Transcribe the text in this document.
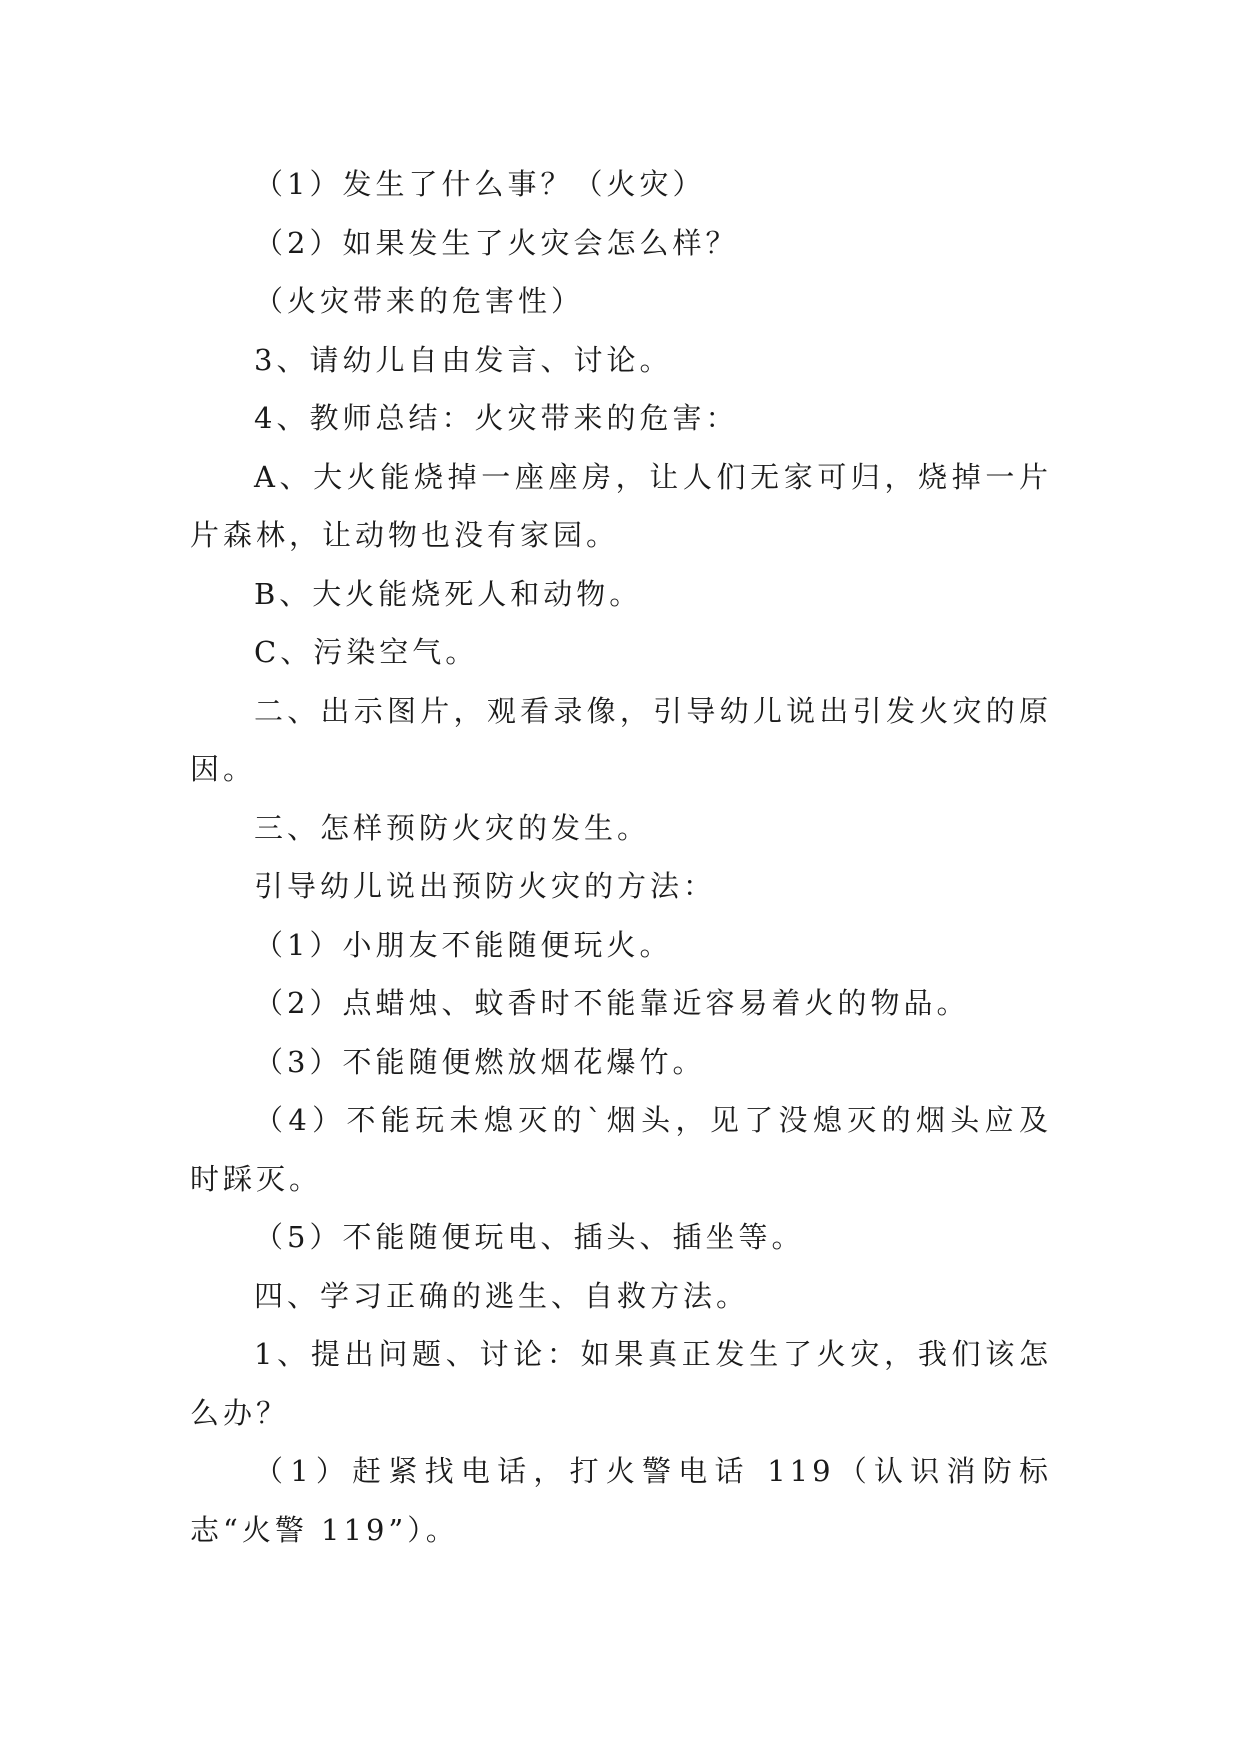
（1）发生了什么事？（火灾）

（2）如果发生了火灾会怎么样？

（火灾带来的危害性）

3、请幼儿自由发言、讨论。

4、教师总结：火灾带来的危害：

A、大火能烧掉一座座房，让人们无家可归，烧掉一片片森林，让动物也没有家园。

B、大火能烧死人和动物。

C、污染空气。

二、出示图片，观看录像，引导幼儿说出引发火灾的原因。

三、怎样预防火灾的发生。

引导幼儿说出预防火灾的方法：

（1）小朋友不能随便玩火。

（2）点蜡烛、蚊香时不能靠近容易着火的物品。

（3）不能随便燃放烟花爆竹。

（4）不能玩未熄灭的`烟头，见了没熄灭的烟头应及时踩灭。

（5）不能随便玩电、插头、插坐等。

四、学习正确的逃生、自救方法。

1、提出问题、讨论：如果真正发生了火灾，我们该怎么办？

（1）赶紧找电话，打火警电话 119（认识消防标志“火警 119”）。
